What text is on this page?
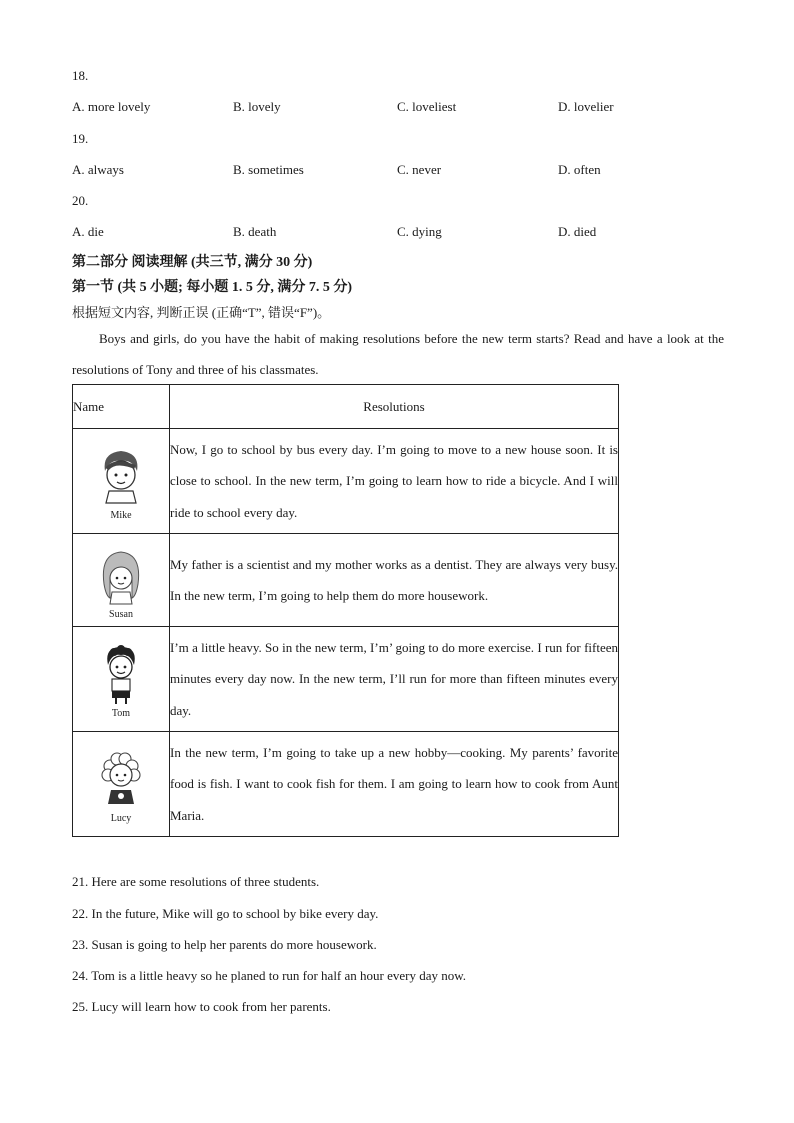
18.
A. more lovely	B. lovely	C. loveliest	D. lovelier
19.
A. always	B. sometimes	C. never	D. often
20.
A. die	B. death	C. dying	D. died
第二部分 阅读理解 (共三节, 满分 30 分)
第一节 (共 5 小题; 每小题 1. 5 分, 满分 7. 5 分)
根据短文内容, 判断正误 (正确“T”, 错误“F”)。
Boys and girls, do you have the habit of making resolutions before the new term starts? Read and have a look at the resolutions of Tony and three of his classmates.
Name	Resolutions

Mike	Now, I go to school by bus every day. I’m going to move to a new house soon. It is close to school. In the new term, I’m going to learn how to ride a bicycle. And I will ride to school every day.

Susan	My father is a scientist and my mother works as a dentist. They are always very busy. In the new term, I’m going to help them do more housework.

Tom	I’m a little heavy. So in the new term, I’m’ going to do more exercise. I run for fifteen minutes every day now. In the new term, I’ll run for more than fifteen minutes every day.

Lucy	In the new term, I’m going to take up a new hobby—cooking. My parents’ favorite food is fish. I want to cook fish for them. I am going to learn how to cook from Aunt Maria.
21. Here are some resolutions of three students.
22. In the future, Mike will go to school by bike every day.
23. Susan is going to help her parents do more housework.
24. Tom is a little heavy so he planed to run for half an hour every day now.
25. Lucy will learn how to cook from her parents.
